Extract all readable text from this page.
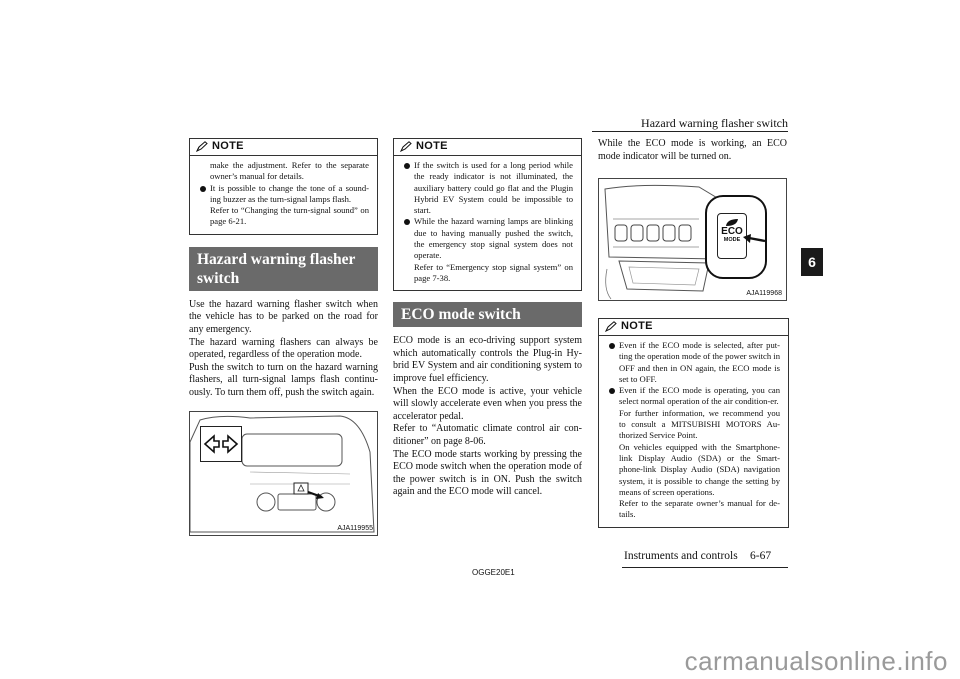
Hazard warning flasher switch
6
NOTE

make the adjustment. Refer to the separate owner’s manual for details.

It is possible to change the tone of a sound-ing buzzer as the turn-signal lamps flash.

Refer to “Changing the turn-signal sound” on page 6-21.

Hazard warning flasher switch

Use the hazard warning flasher switch when the vehicle has to be parked on the road for any emergency.

The hazard warning flashers can always be operated, regardless of the operation mode.

Push the switch to turn on the hazard warning flashers, all turn-signal lamps flash continu-ously. To turn them off, push the switch again.

AJA119955
NOTE

If the switch is used for a long period while the ready indicator is not illuminated, the auxiliary battery could go flat and the Plugin Hybrid EV System could be impossible to start.

While the hazard warning lamps are blinking due to having manually pushed the switch, the emergency stop signal system does not operate.

Refer to “Emergency stop signal system” on page 7-38.

ECO mode switch

ECO mode is an eco-driving support system which automatically controls the Plug-in Hy-brid EV System and air conditioning system to improve fuel efficiency.

When the ECO mode is active, your vehicle will slowly accelerate even when you press the accelerator pedal.

Refer to “Automatic climate control air con-ditioner” on page 8-06.

The ECO mode starts working by pressing the ECO mode switch when the operation mode of the power switch is in ON. Push the switch again and the ECO mode will cancel.

While the ECO mode is working, an ECO mode indicator will be turned on.
ECO
MODE
AJA119968
NOTE

Even if the ECO mode is selected, after put-ting the operation mode of the power switch in OFF and then in ON again, the ECO mode is set to OFF.

Even if the ECO mode is operating, you can select normal operation of the air condition-er.

For further information, we recommend you to consult a MITSUBISHI MOTORS Au-thorized Service Point.

On vehicles equipped with the Smartphone-link Display Audio (SDA) or the Smart-phone-link Display Audio (SDA) navigation system, it is possible to change the setting by means of screen operations.

Refer to the separate owner’s manual for de-tails.

OGGE20E1
Instruments and controls 6-67
carmanualsonline.info
